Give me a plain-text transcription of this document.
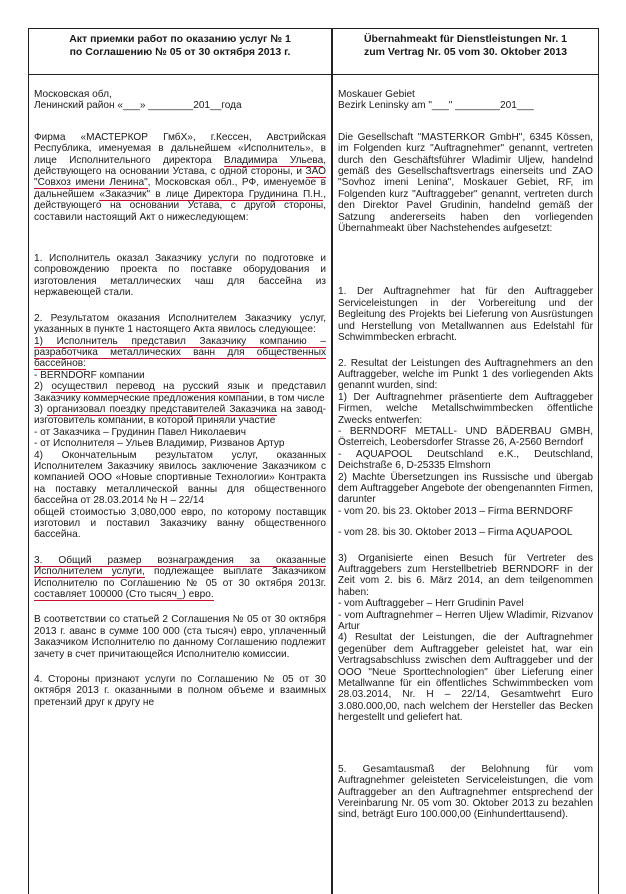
Акт приемки работ по оказанию услуг № 1
по Соглашению № 05 от 30 октября 2013 г.

Московская обл,

Ленинский район «___» ________201__года

Фирма «МАСТЕРКОР ГмбХ», г.Кессен, Австрийская Республика, именуемая в дальнейшем «Исполнитель», в лице Исполнительного директора Владимира Ульева, действующего на основании Устава, с одной стороны, и ЗАО "Совхоз имени Ленина", Московская обл., РФ, именуемое в дальнейшем «Заказчик" в лице Директора Грудинина П.Н., действующего на основании Устава, с другой стороны, составили настоящий Акт о нижеследующем:

1. Исполнитель оказал Заказчику услуги по подготовке и сопровождению проекта по поставке оборудования и изготовления металлических чаш для бассейна из нержавеющей стали.

2. Результатом оказания Исполнителем Заказчику услуг, указанных в пункте 1 настоящего Акта явилось следующее:

1) Исполнитель представил Заказчику компанию – разработчика металлических ванн для общественных бассейнов:

- BERNDORF компании

2) осуществил перевод на русский язык и представил Заказчику коммерческие предложения компании, в том числе

3) организовал поездку представителей Заказчика на завод-изготовитель компании, в которой приняли участие

- от Заказчика – Грудинин Павел Николаевич

- от Исполнителя – Ульев Владимир, Ризванов Артур

4) Окончательным результатом услуг, оказанных Исполнителем Заказчику явилось заключение Заказчиком с компанией ООО «Новые спортивные Технологии» Контракта на поставку металлической ванны для общественного бассейна от 28.03.2014 № Н – 22/14

общей стоимостью 3,080,000 евро, по которому поставщик изготовил и поставил Заказчику ванну общественного бассейна.

3. Общий размер вознаграждения за оказанные Исполнителем услуги, подлежащее выплате Заказчиком Исполнителю по Соглашению № 05 от 30 октября 2013г. составляет 100000 (Сто тысяч_) евро.

В соответствии со статьей 2 Соглашения № 05 от 30 октября 2013 г. аванс в сумме 100 000 (ста тысяч) евро, уплаченный Заказчиком Исполнителю по данному Соглашению подлежит зачету в счет причитающейся Исполнителю комиссии.

4. Стороны признают услуги по Соглашению № 05 от 30 октября 2013 г. оказанными в полном объеме и взаимных претензий друг к другу не

Übernahmeakt für Dienstleistungen Nr. 1
zum Vertrag Nr. 05 vom 30. Oktober 2013

Moskauer Gebiet

Bezirk Leninsky am "___" ________201___

Die Gesellschaft "MASTERKOR GmbH", 6345 Kössen, im Folgenden kurz "Auftragnehmer" genannt, vertreten durch den Geschäftsführer Wladimir Uljew, handelnd gemäß des Gesellschaftsvertrags einerseits und ZAO "Sovhoz imeni Lenina", Moskauer Gebiet, RF, im Folgenden kurz "Auftraggeber" genannt, vertreten durch den Direktor Pavel Grudinin, handelnd gemäß der Satzung andererseits haben den vorliegenden Übernahmeakt über Nachstehendes aufgesetzt:

1. Der Auftragnehmer hat für den Auftraggeber Serviceleistungen in der Vorbereitung und der Begleitung des Projekts bei Lieferung von Ausrüstungen und Herstellung von Metallwannen aus Edelstahl für Schwimmbecken erbracht.

2. Resultat der Leistungen des Auftragnehmers an den Auftraggeber, welche im Punkt 1 des vorliegenden Akts genannt wurden, sind:

1) Der Auftragnehmer präsentierte dem Auftraggeber Firmen, welche Metallschwimmbecken öffentliche Zwecks entwerfen:

- BERNDORF METALL- UND BÄDERBAU GMBH, Österreich, Leobersdorfer Strasse 26, A-2560 Berndorf

- AQUAPOOL Deutschland e.K., Deutschland, Deichstraße 6, D-25335 Elmshorn

2) Machte Übersetzungen ins Russische und übergab dem Auftraggeber Angebote der obengenannten Firmen, darunter

- vom 20. bis 23. Oktober 2013 – Firma BERNDORF

- vom 28. bis 30. Oktober 2013 – Firma AQUAPOOL

3) Organisierte einen Besuch für Vertreter des Auftraggebers zum Herstellbetrieb BERNDORF in der Zeit vom 2. bis 6. März 2014, an dem teilgenommen haben:

- vom Auftraggeber – Herr Grudinin Pavel

- vom Auftragnehmer – Herren Uljew Wladimir, Rizvanov Artur

4) Resultat der Leistungen, die der Auftragnehmer gegenüber dem Auftraggeber geleistet hat, war ein Vertragsabschluss zwischen dem Auftraggeber und der OOO "Neue Sporttechnologien" über Lieferung einer Metallwanne für ein öffentliches Schwimmbecken vom 28.03.2014, Nr. H – 22/14, Gesamtwehrt Euro 3.080.000,00, nach welchem der Hersteller das Becken hergestellt und geliefert hat.

5. Gesamtausmaß der Belohnung für vom Auftragnehmer geleisteten Serviceleistungen, die vom Auftraggeber an den Auftragnehmer entsprechend der Vereinbarung Nr. 05 vom 30. Oktober 2013 zu bezahlen sind, beträgt Euro 100.000,00 (Einhunderttausend).
